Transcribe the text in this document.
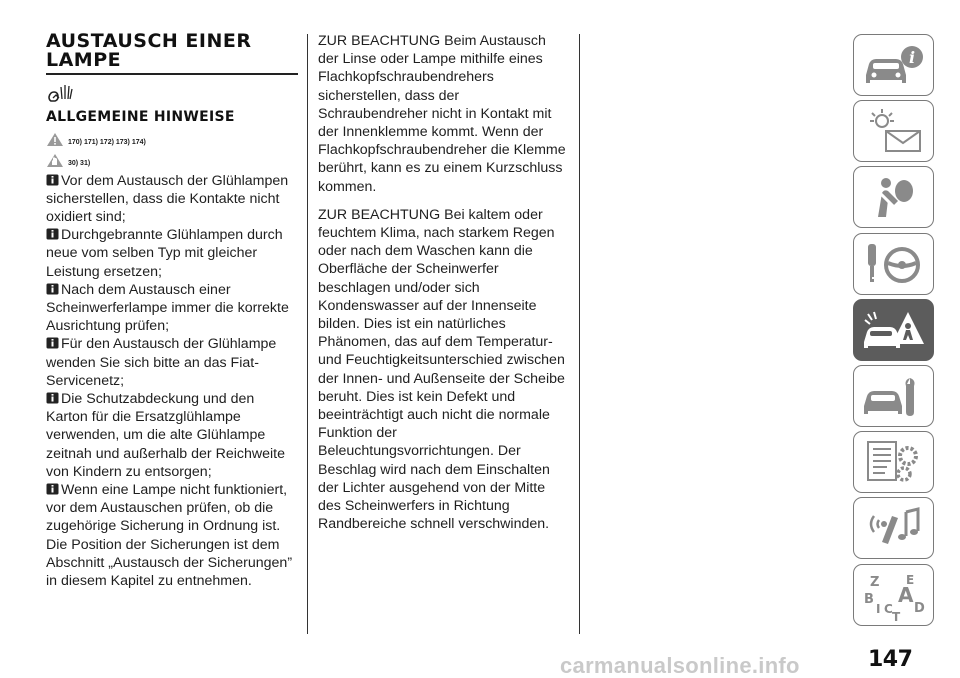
AUSTAUSCH EINER
LAMPE
ALLGEMEINE HINWEISE
170) 171) 172) 173) 174)
30) 31)
Vor dem Austausch der Glühlampen sicherstellen, dass die Kontakte nicht oxidiert sind;
Durchgebrannte Glühlampen durch neue vom selben Typ mit gleicher Leistung ersetzen;
Nach dem Austausch einer Scheinwerferlampe immer die korrekte Ausrichtung prüfen;
Für den Austausch der Glühlampe wenden Sie sich bitte an das Fiat-Servicenetz;
Die Schutzabdeckung und den Karton für die Ersatzglühlampe verwenden, um die alte Glühlampe zeitnah und außerhalb der Reichweite von Kindern zu entsorgen;
Wenn eine Lampe nicht funktioniert, vor dem Austauschen prüfen, ob die zugehörige Sicherung in Ordnung ist. Die Position der Sicherungen ist dem Abschnitt „Austausch der Sicherungen” in diesem Kapitel zu entnehmen.

ZUR BEACHTUNG Beim Austausch der Linse oder Lampe mithilfe eines Flachkopfschraubendrehers sicherstellen, dass der Schraubendreher nicht in Kontakt mit der Innenklemme kommt. Wenn der Flachkopfschraubendreher die Klemme berührt, kann es zu einem Kurzschluss kommen.

ZUR BEACHTUNG Bei kaltem oder feuchtem Klima, nach starkem Regen oder nach dem Waschen kann die Oberfläche der Scheinwerfer beschlagen und/oder sich Kondenswasser auf der Innenseite bilden. Dies ist ein natürliches Phänomen, das auf dem Temperatur- und Feuchtigkeitsunterschied zwischen der Innen- und Außenseite der Scheibe beruht. Dies ist kein Defekt und beeinträchtigt auch nicht die normale Funktion der Beleuchtungsvorrichtungen. Der Beschlag wird nach dem Einschalten der Lichter ausgehend von der Mitte des Scheinwerfers in Richtung Randbereiche schnell verschwinden.

i
Z E
B A
C D
I
T
carmanualsonline.info	147
